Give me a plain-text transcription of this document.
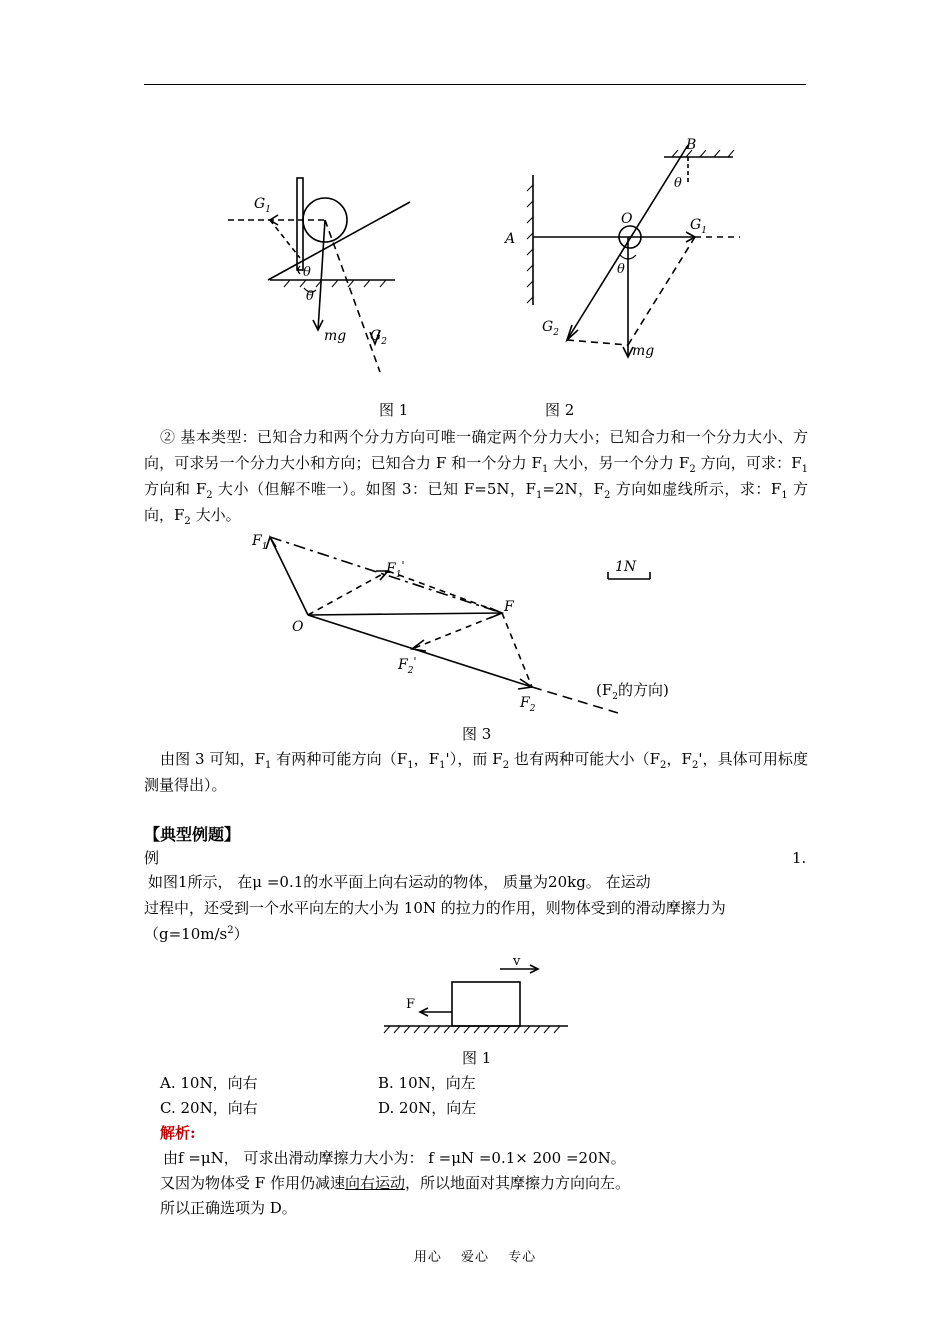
$G_1$
θ
θ
mg $G_2$
B
θ
O
A
$G_1$
θ
$G_2$
mg
图 1	图 2
② 基本类型：已知合力和两个分力方向可唯一确定两个分力大小；已知合力和一个分力大小、方向，可求另一个分力大小和方向；已知合力 F 和一个分力 $F_1$ 大小，另一个分力 $F_2$ 方向，可求：$F_1$ 方向和 $F_2$ 大小（但解不唯一）。如图 3：已知 F=5N，$F_1=2N$，$F_2$ 方向如虚线所示，求：$F_1$ 方向，$F_2$ 大小。
$F_1$
$F_1'$	1N
O
F
$F_2'$
($F_2$的方向)
$F_2$
图 3
由图 3 可知，$F_1$ 有两种可能方向（$F_1$，$F_1'$），而 $F_2$ 也有两种可能大小（$F_2$，$F_2'$，具体可用标度测量得出）。
【典型例题】
例	1.
如图1所示， 在μ =0.1的水平面上向右运动的物体， 质量为20kg。 在运动
过程中，还受到一个水平向左的大小为 10N 的拉力的作用，则物体受到的滑动摩擦力为
$(g=10m/s^2)$
v
F
图 1
A. 10N，向右	B. 10N，向左
C. 20N，向右	D. 20N，向左
解析:
由f =μN， 可求出滑动摩擦力大小为： f =μN =0.1× 200 =20N。
又因为物体受 F 作用仍减速向右运动，所以地面对其摩擦力方向向左。
所以正确选项为 D。
用心　 爱心　 专心
